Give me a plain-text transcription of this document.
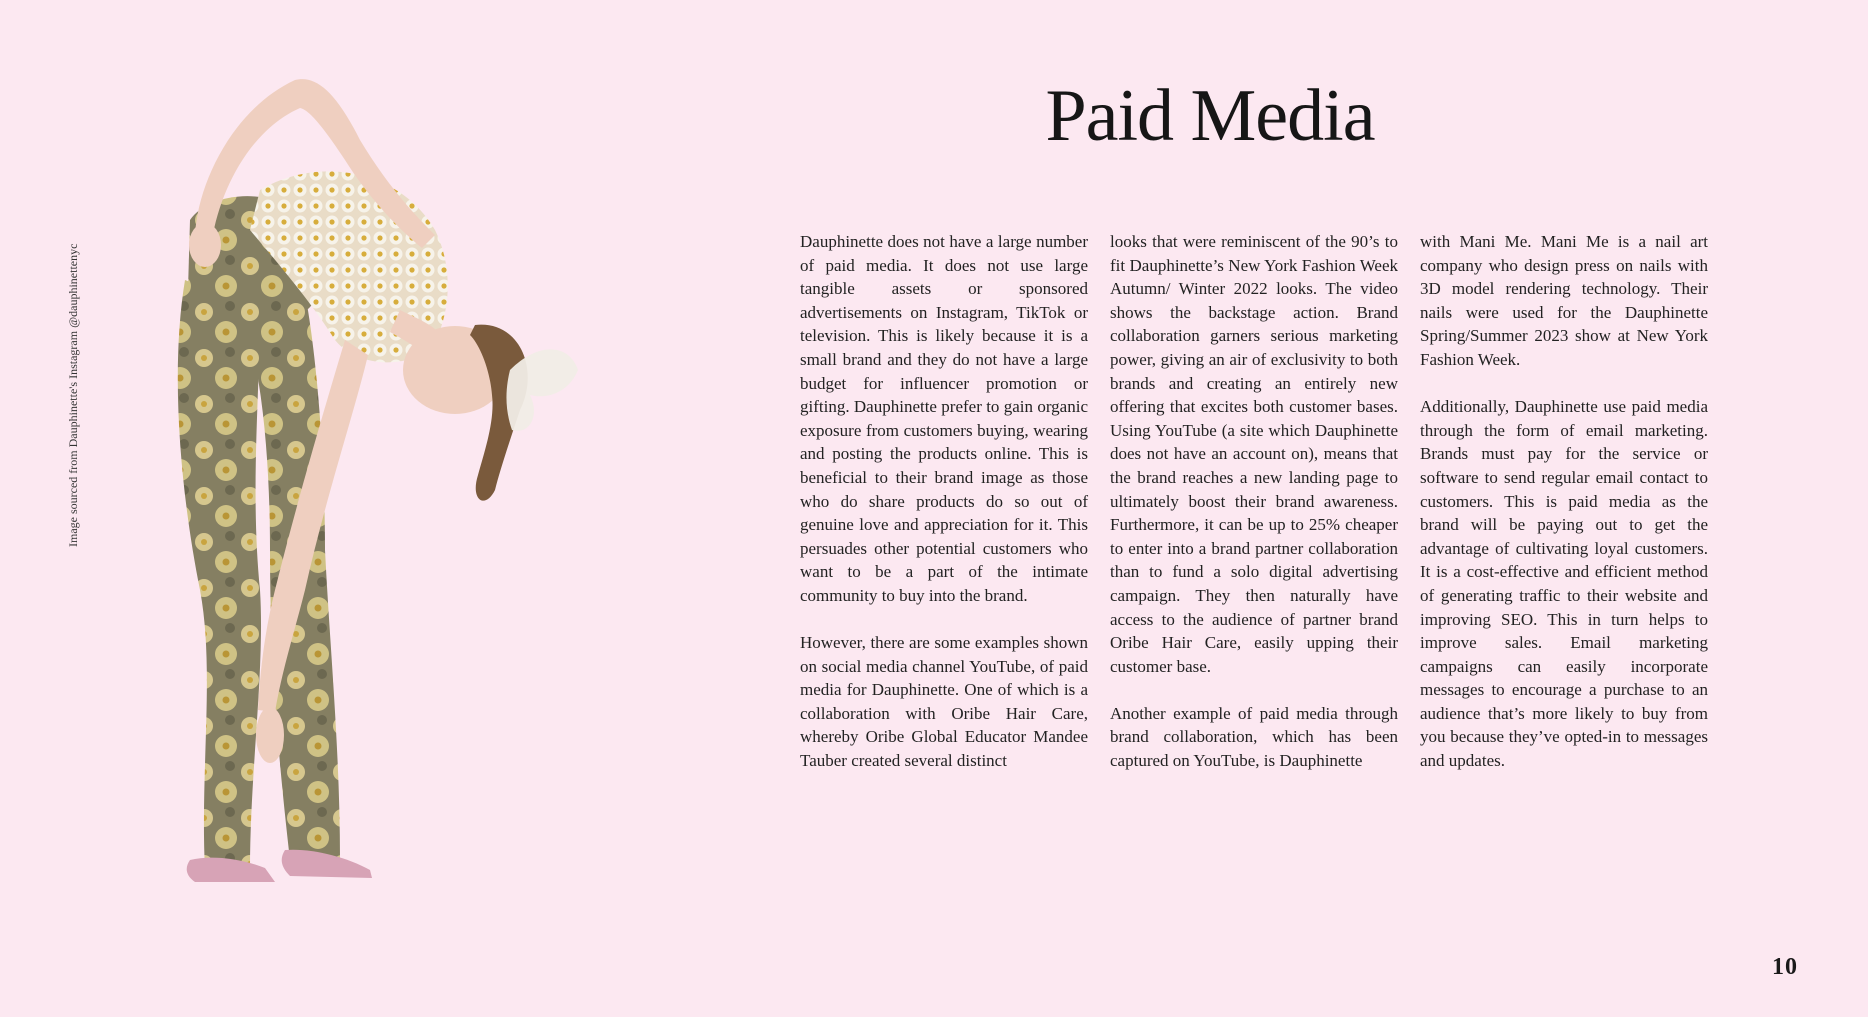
Image sourced from Dauphinette's Instagram @dauphinettenyc
Paid Media

Dauphinette does not have a large number of paid media. It does not use large tangible assets or sponsored advertisements on Instagram, TikTok or television. This is likely because it is a small brand and they do not have a large budget for influencer promotion or gifting. Dauphinette prefer to gain organic exposure from customers buying, wearing and posting the products online. This is beneficial to their brand image as those who do share products do so out of genuine love and appreciation for it. This persuades other potential customers who want to be a part of the intimate community to buy into the brand.

However, there are some examples shown on social media channel YouTube, of paid media for Dauphinette. One of which is a collaboration with Oribe Hair Care, whereby Oribe Global Educator Mandee Tauber created several distinct

looks that were reminiscent of the 90’s to fit Dauphinette’s New York Fashion Week Autumn/ Winter 2022 looks. The video shows the backstage action. Brand collaboration garners serious marketing power, giving an air of exclusivity to both brands and creating an entirely new offering that excites both customer bases. Using YouTube (a site which Dauphinette does not have an account on), means that the brand reaches a new landing page to ultimately boost their brand awareness. Furthermore, it can be up to 25% cheaper to enter into a brand partner collaboration than to fund a solo digital advertising campaign. They then naturally have access to the audience of partner brand Oribe Hair Care, easily upping their customer base.

Another example of paid media through brand collaboration, which has been captured on YouTube, is Dauphinette

with Mani Me. Mani Me is a nail art company who design press on nails with 3D model rendering technology. Their nails were used for the Dauphinette Spring/Summer 2023 show at New York Fashion Week.

Additionally, Dauphinette use paid media through the form of email marketing. Brands must pay for the service or software to send regular email contact to customers. This is paid media as the brand will be paying out to get the advantage of cultivating loyal customers. It is a cost-effective and efficient method of generating traffic to their website and improving SEO. This in turn helps to improve sales. Email marketing campaigns can easily incorporate messages to encourage a purchase to an audience that’s more likely to buy from you because they’ve opted-in to messages and updates.

10
